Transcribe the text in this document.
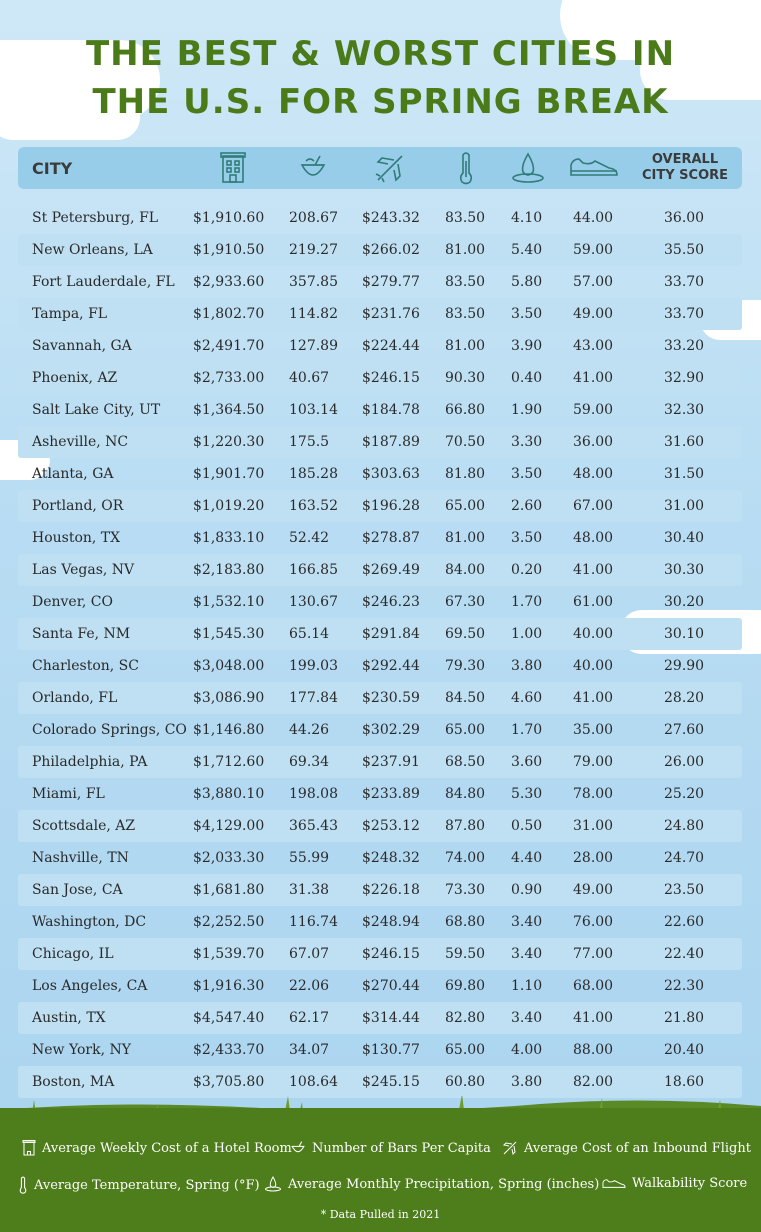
THE BEST & WORST CITIES IN
THE U.S. FOR SPRING BREAK
CITY	OVERALL
CITY SCORE
St Petersburg, FL $1,910.60 208.67 $243.32 83.50 4.10 44.00	36.00
New Orleans, LA	$1,910.50 219.27 $266.02 81.00 5.40 59.00	35.50
Fort Lauderdale, FL $2,933.60 357.85 $279.77 83.50 5.80 57.00	33.70
Tampa, FL	$1,802.70 114.82 $231.76 83.50 3.50 49.00	33.70
Savannah, GA	$2,491.70 127.89 $224.44 81.00 3.90 43.00	33.20
Phoenix, AZ	$2,733.00 40.67 $246.15 90.30 0.40 41.00	32.90
Salt Lake City, UT $1,364.50 103.14 $184.78 66.80 1.90 59.00	32.30
Asheville, NC	$1,220.30 175.5 $187.89 70.50 3.30 36.00	31.60
Atlanta, GA	$1,901.70 185.28 $303.63 81.80 3.50 48.00	31.50
Portland, OR	$1,019.20 163.52 $196.28 65.00 2.60 67.00	31.00
Houston, TX	$1,833.10 52.42 $278.87 81.00 3.50 48.00	30.40
Las Vegas, NV	$2,183.80 166.85 $269.49 84.00 0.20 41.00	30.30
Denver, CO	$1,532.10 130.67 $246.23 67.30 1.70 61.00	30.20
Santa Fe, NM	$1,545.30 65.14 $291.84 69.50 1.00 40.00	30.10
Charleston, SC	$3,048.00 199.03 $292.44 79.30 3.80 40.00	29.90
Orlando, FL	$3,086.90 177.84 $230.59 84.50 4.60 41.00	28.20
Colorado Springs, CO $1,146.80 44.26 $302.29 65.00 1.70 35.00	27.60
Philadelphia, PA	$1,712.60 69.34 $237.91 68.50 3.60 79.00	26.00
Miami, FL	$3,880.10 198.08 $233.89 84.80 5.30 78.00	25.20
Scottsdale, AZ	$4,129.00 365.43 $253.12 87.80 0.50 31.00	24.80
Nashville, TN	$2,033.30 55.99 $248.32 74.00 4.40 28.00	24.70
San Jose, CA	$1,681.80 31.38 $226.18 73.30 0.90 49.00	23.50
Washington, DC	$2,252.50 116.74 $248.94 68.80 3.40 76.00	22.60
Chicago, IL	$1,539.70 67.07 $246.15 59.50 3.40 77.00	22.40
Los Angeles, CA	$1,916.30 22.06 $270.44 69.80 1.10 68.00	22.30
Austin, TX	$4,547.40 62.17 $314.44 82.80 3.40 41.00	21.80
New York, NY	$2,433.70 34.07 $130.77 65.00 4.00 88.00	20.40
Boston, MA	$3,705.80 108.64 $245.15 60.80 3.80 82.00	18.60
Average Weekly Cost of a Hotel Room Number of Bars Per Capita	Average Cost of an Inbound Flight
Average Temperature, Spring (°F) Average Monthly Precipitation, Spring (inches)	Walkability Score
* Data Pulled in 2021
